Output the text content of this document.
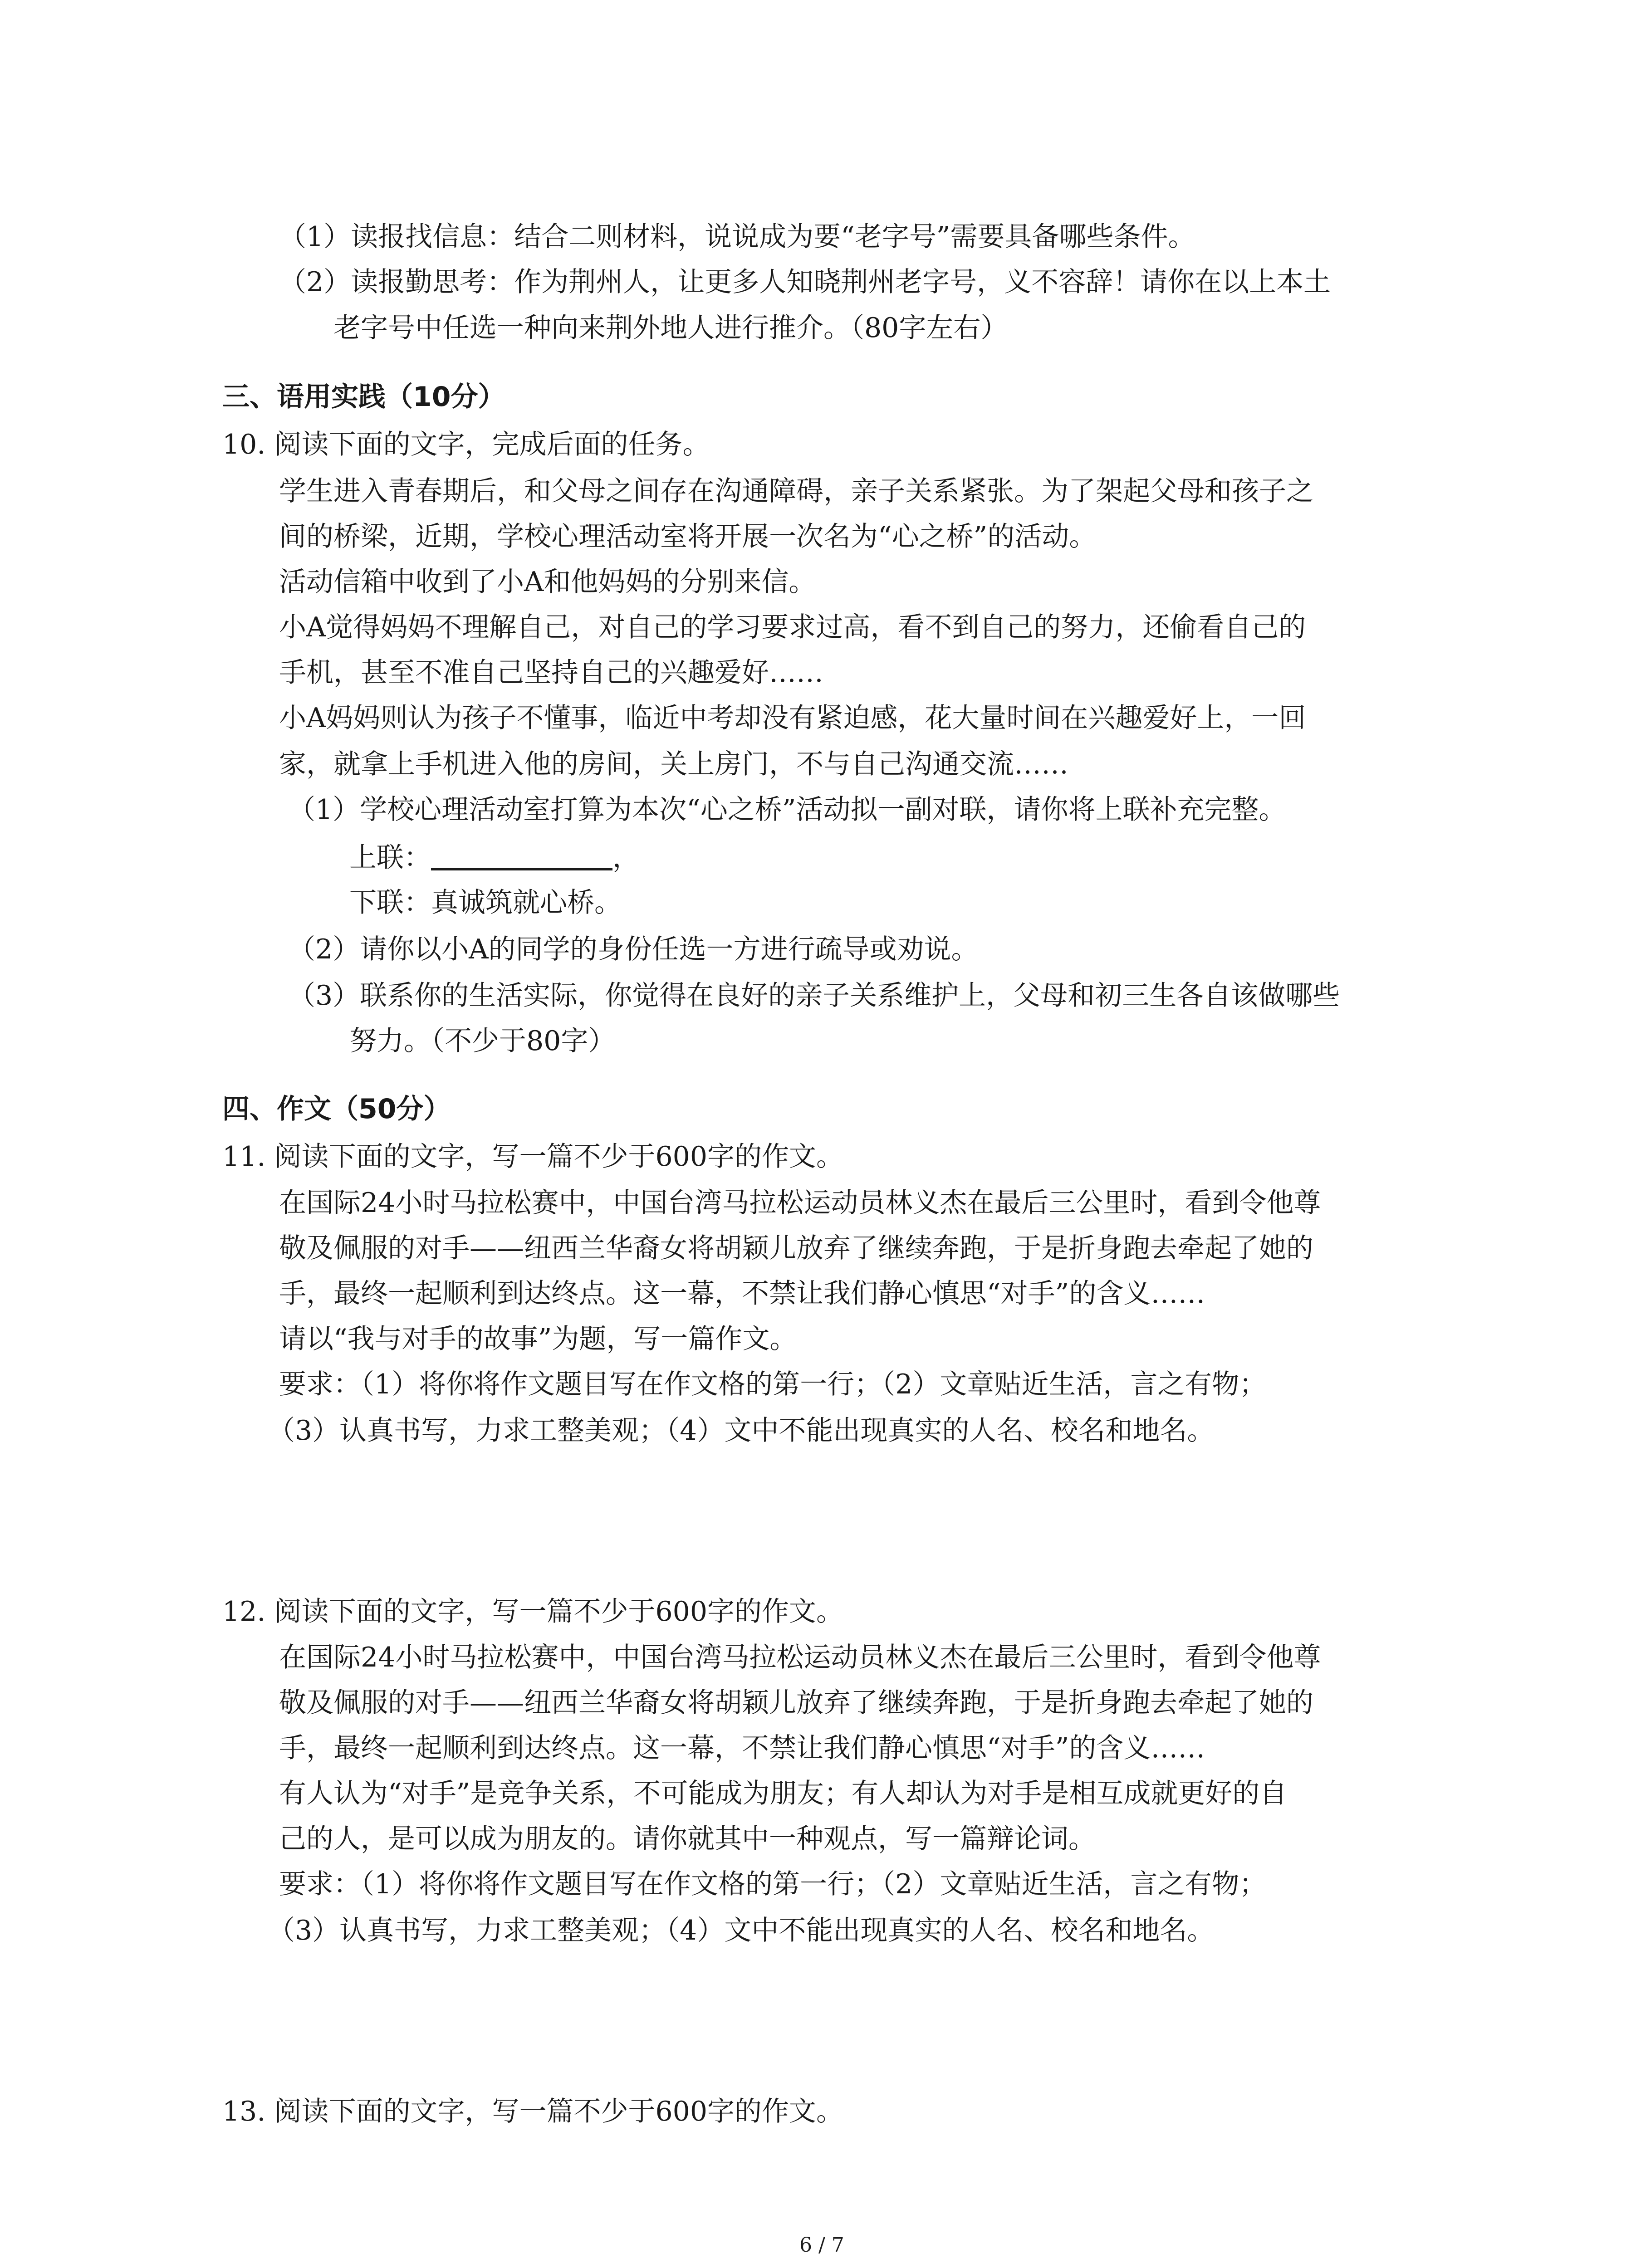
（1）读报找信息：结合二则材料，说说成为要“老字号”需要具备哪些条件。
（2）读报勤思考：作为荆州人，让更多人知晓荆州老字号，义不容辞！请你在以上本土
老字号中任选一种向来荆外地人进行推介。（80字左右）
三、语用实践（10分）
10. 阅读下面的文字，完成后面的任务。
学生进入青春期后，和父母之间存在沟通障碍，亲子关系紧张。为了架起父母和孩子之
间的桥梁，近期，学校心理活动室将开展一次名为“心之桥”的活动。
活动信箱中收到了小A和他妈妈的分别来信。
小A觉得妈妈不理解自己，对自己的学习要求过高，看不到自己的努力，还偷看自己的
手机，甚至不准自己坚持自己的兴趣爱好……
小A妈妈则认为孩子不懂事，临近中考却没有紧迫感，花大量时间在兴趣爱好上，一回
家，就拿上手机进入他的房间，关上房门，不与自己沟通交流……
（1）学校心理活动室打算为本次“心之桥”活动拟一副对联，请你将上联补充完整。
上联：	，
下联：真诚筑就心桥。
（2）请你以小A的同学的身份任选一方进行疏导或劝说。
（3）联系你的生活实际，你觉得在良好的亲子关系维护上，父母和初三生各自该做哪些
努力。（不少于80字）
四、作文（50分）
11. 阅读下面的文字，写一篇不少于600字的作文。
在国际24小时马拉松赛中，中国台湾马拉松运动员林义杰在最后三公里时，看到令他尊
敬及佩服的对手——纽西兰华裔女将胡颖儿放弃了继续奔跑，于是折身跑去牵起了她的
手，最终一起顺利到达终点。这一幕，不禁让我们静心慎思“对手”的含义……
请以“我与对手的故事”为题，写一篇作文。
要求：（1）将你将作文题目写在作文格的第一行；（2）文章贴近生活，言之有物；
（3）认真书写，力求工整美观；（4）文中不能出现真实的人名、校名和地名。
12. 阅读下面的文字，写一篇不少于600字的作文。
在国际24小时马拉松赛中，中国台湾马拉松运动员林义杰在最后三公里时，看到令他尊
敬及佩服的对手——纽西兰华裔女将胡颖儿放弃了继续奔跑，于是折身跑去牵起了她的
手，最终一起顺利到达终点。这一幕，不禁让我们静心慎思“对手”的含义……
有人认为“对手”是竞争关系，不可能成为朋友；有人却认为对手是相互成就更好的自
己的人，是可以成为朋友的。请你就其中一种观点，写一篇辩论词。
要求：（1）将你将作文题目写在作文格的第一行；（2）文章贴近生活，言之有物；
（3）认真书写，力求工整美观；（4）文中不能出现真实的人名、校名和地名。
13. 阅读下面的文字，写一篇不少于600字的作文。
6 / 7
